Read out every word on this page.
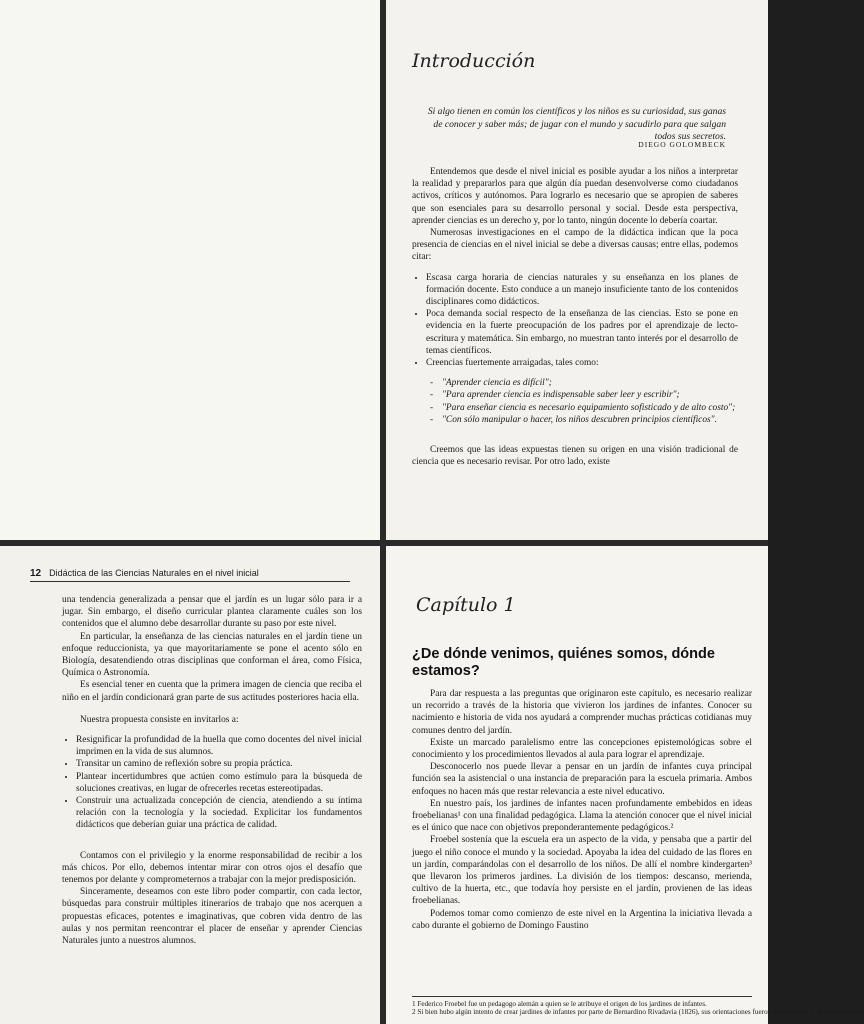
Introducción
Si algo tienen en común los científicos y los niños es su curiosidad, sus ganas de conocer y saber más; de jugar con el mundo y sacudirlo para que salgan todos sus secretos.
DIEGO GOLOMBECK

Entendemos que desde el nivel inicial es posible ayudar a los niños a interpretar la realidad y prepararlos para que algún día puedan desenvolverse como ciudadanos activos, críticos y autónomos. Para lograrlo es necesario que se apropien de saberes que son esenciales para su desarrollo personal y social. Desde esta perspectiva, aprender ciencias es un derecho y, por lo tanto, ningún docente lo debería coartar.

Numerosas investigaciones en el campo de la didáctica indican que la poca presencia de ciencias en el nivel inicial se debe a diversas causas; entre ellas, podemos citar:

• Escasa carga horaria de ciencias naturales y su enseñanza en los planes de formación docente. Esto conduce a un manejo insuficiente tanto de los contenidos disciplinares como didácticos.
• Poca demanda social respecto de la enseñanza de las ciencias. Esto se pone en evidencia en la fuerte preocupación de los padres por el aprendizaje de lecto-escritura y matemática. Sin embargo, no muestran tanto interés por el desarrollo de temas científicos.
• Creencias fuertemente arraigadas, tales como:
- "Aprender ciencia es difícil";
- "Para aprender ciencia es indispensable saber leer y escribir";
- "Para enseñar ciencia es necesario equipamiento sofisticado y de alto costo";
- "Con sólo manipular o hacer, los niños descubren principios científicos".

Creemos que las ideas expuestas tienen su origen en una visión tradicional de ciencia que es necesario revisar. Por otro lado, existe

12 Didáctica de las Ciencias Naturales en el nivel inicial

una tendencia generalizada a pensar que el jardín es un lugar sólo para ir a jugar. Sin embargo, el diseño curricular plantea claramente cuáles son los contenidos que el alumno debe desarrollar durante su paso por este nivel.

En particular, la enseñanza de las ciencias naturales en el jardín tiene un enfoque reduccionista, ya que mayoritariamente se pone el acento sólo en Biología, desatendiendo otras disciplinas que conforman el área, como Física, Química o Astronomía.

Es esencial tener en cuenta que la primera imagen de ciencia que reciba el niño en el jardín condicionará gran parte de sus actitudes posteriores hacia ella.

Nuestra propuesta consiste en invitarlos a:

• Resignificar la profundidad de la huella que como docentes del nivel inicial imprimen en la vida de sus alumnos.
• Transitar un camino de reflexión sobre su propia práctica.
• Plantear incertidumbres que actúen como estímulo para la búsqueda de soluciones creativas, en lugar de ofrecerles recetas estereotipadas.
• Construir una actualizada concepción de ciencia, atendiendo a su íntima relación con la tecnología y la sociedad. Explicitar los fundamentos didácticos que deberían guiar una práctica de calidad.

Contamos con el privilegio y la enorme responsabilidad de recibir a los más chicos. Por ello, debemos intentar mirar con otros ojos el desafío que tenemos por delante y comprometernos a trabajar con la mejor predisposición.

Sinceramente, deseamos con este libro poder compartir, con cada lector, búsquedas para construir múltiples itinerarios de trabajo que nos acerquen a propuestas eficaces, potentes e imaginativas, que cobren vida dentro de las aulas y nos permitan reencontrar el placer de enseñar y aprender Ciencias Naturales junto a nuestros alumnos.

Capítulo 1
¿De dónde venimos, quiénes somos, dónde estamos?

Para dar respuesta a las preguntas que originaron este capítulo, es necesario realizar un recorrido a través de la historia que vivieron los jardines de infantes. Conocer su nacimiento e historia de vida nos ayudará a comprender muchas prácticas cotidianas muy comunes dentro del jardín.

Existe un marcado paralelismo entre las concepciones epistemológicas sobre el conocimiento y los procedimientos llevados al aula para lograr el aprendizaje.

Desconocerlo nos puede llevar a pensar en un jardín de infantes cuya principal función sea la asistencial o una instancia de preparación para la escuela primaria. Ambos enfoques no hacen más que restar relevancia a este nivel educativo.

En nuestro país, los jardines de infantes nacen profundamente embebidos en ideas froebelianas¹ con una finalidad pedagógica. Llama la atención conocer que el nivel inicial es el único que nace con objetivos preponderantemente pedagógicos.²

Froebel sostenía que la escuela era un aspecto de la vida, y pensaba que a partir del juego el niño conoce el mundo y la sociedad. Apoyaba la idea del cuidado de las flores en un jardín, comparándolas con el desarrollo de los niños. De allí el nombre kindergarten³ que llevaron los primeros jardines. La división de los tiempos: descanso, merienda, cultivo de la huerta, etc., que todavía hoy persiste en el jardín, provienen de las ideas froebelianas.

Podemos tomar como comienzo de este nivel en la Argentina la iniciativa llevada a cabo durante el gobierno de Domingo Faustino

1 Federico Froebel fue un pedagogo alemán a quien se le atribuye el origen de los jardines de infantes.
2 Si bien hubo algún intento de crear jardines de infantes por parte de Bernardino Rivadavia (1826), sus orientaciones fueron asistenciales y de moralización.
